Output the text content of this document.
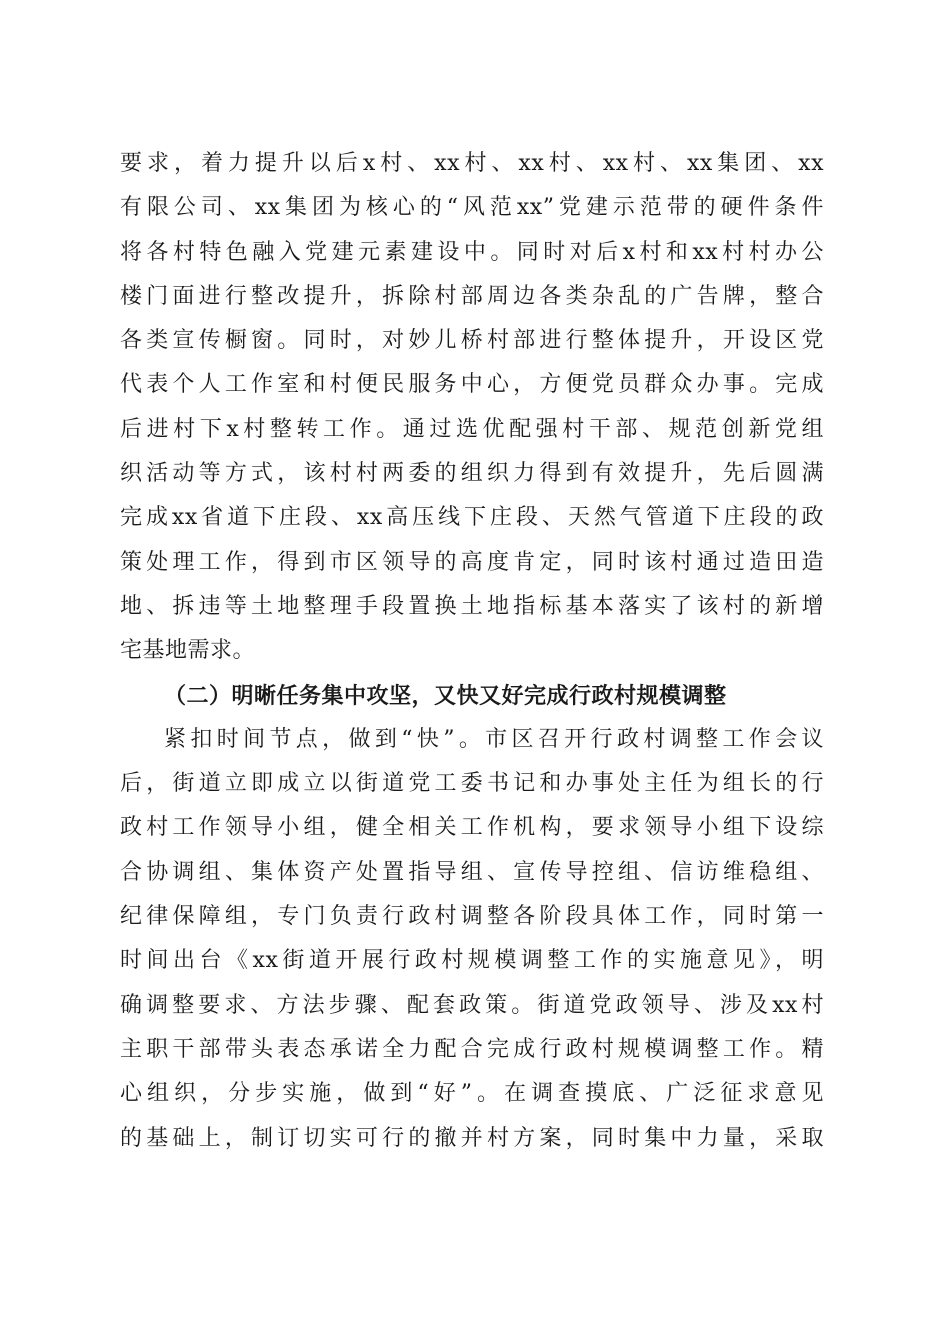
要求，着力提升以后x村、xx村、xx村、xx村、xx集团、xx
有限公司、xx集团为核心的“风范xx”党建示范带的硬件条件
将各村特色融入党建元素建设中。同时对后x村和xx村村办公
楼门面进行整改提升，拆除村部周边各类杂乱的广告牌，整合
各类宣传橱窗。同时，对妙儿桥村部进行整体提升，开设区党
代表个人工作室和村便民服务中心，方便党员群众办事。完成
后进村下x村整转工作。通过选优配强村干部、规范创新党组
织活动等方式，该村村两委的组织力得到有效提升，先后圆满
完成xx省道下庄段、xx高压线下庄段、天然气管道下庄段的政
策处理工作，得到市区领导的高度肯定，同时该村通过造田造
地、拆违等土地整理手段置换土地指标基本落实了该村的新增
宅基地需求。
（二）明晰任务集中攻坚，又快又好完成行政村规模调整
紧扣时间节点，做到“快”。市区召开行政村调整工作会议
后，街道立即成立以街道党工委书记和办事处主任为组长的行
政村工作领导小组，健全相关工作机构，要求领导小组下设综
合协调组、集体资产处置指导组、宣传导控组、信访维稳组、
纪律保障组，专门负责行政村调整各阶段具体工作，同时第一
时间出台《xx街道开展行政村规模调整工作的实施意见》，明
确调整要求、方法步骤、配套政策。街道党政领导、涉及xx村
主职干部带头表态承诺全力配合完成行政村规模调整工作。精
心组织，分步实施，做到“好”。在调查摸底、广泛征求意见
的基础上，制订切实可行的撤并村方案，同时集中力量，采取
